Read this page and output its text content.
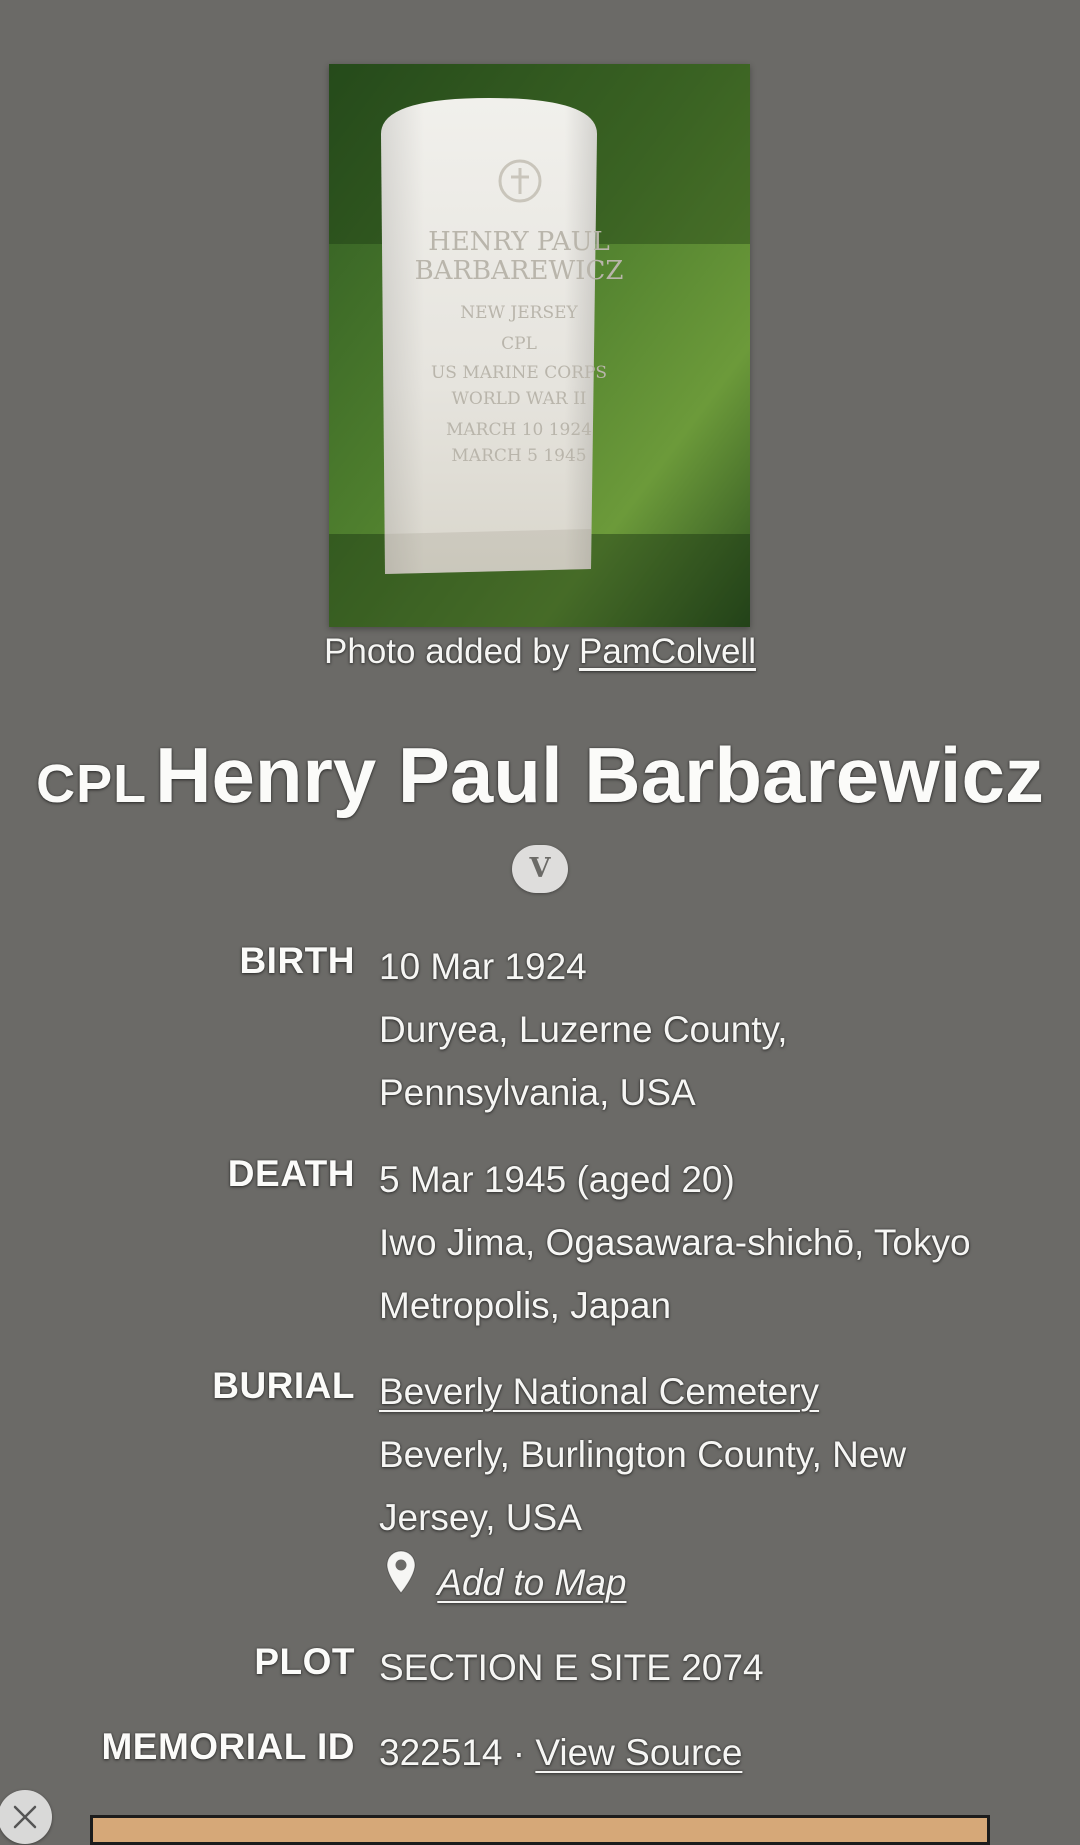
HENRY PAUL
BARBAREWICZ
NEW JERSEY
CPL
US MARINE CORPS
WORLD WAR II
MARCH 10 1924
MARCH 5 1945
Photo added by PamColvell
CPL Henry Paul Barbarewicz
V
BIRTH 10 Mar 1924
Duryea, Luzerne County,
Pennsylvania, USA
DEATH 5 Mar 1945 (aged 20)
Iwo Jima, Ogasawara-shichō, Tokyo
Metropolis, Japan
BURIAL Beverly National Cemetery
Beverly, Burlington County, New
Jersey, USA
Add to Map
PLOT SECTION E SITE 2074
MEMORIAL ID 322514 · View Source
